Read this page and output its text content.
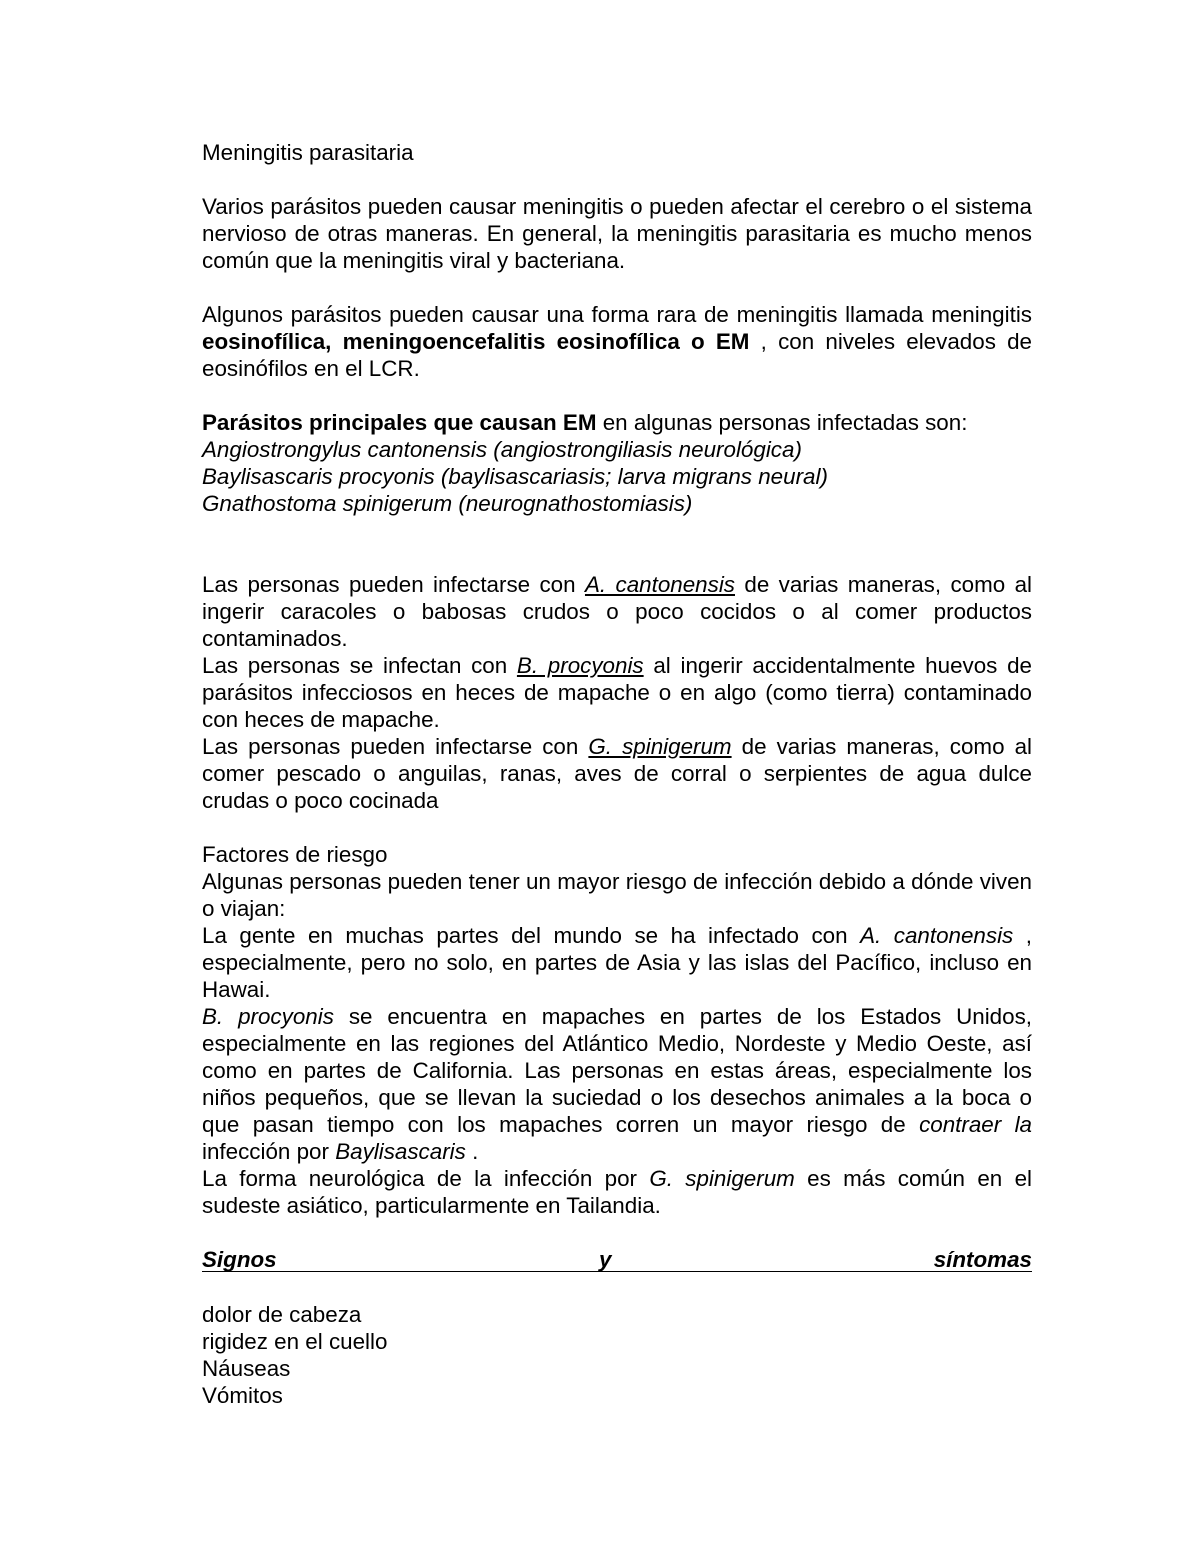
Meningitis parasitaria

Varios parásitos pueden causar meningitis o pueden afectar el cerebro o el sistema nervioso de otras maneras. En general, la meningitis parasitaria es mucho menos común que la meningitis viral y bacteriana.

Algunos parásitos pueden causar una forma rara de meningitis llamada meningitis eosinofílica, meningoencefalitis eosinofílica o EM , con niveles elevados de eosinófilos en el LCR.

Parásitos principales que causan EM en algunas personas infectadas son:

Angiostrongylus cantonensis (angiostrongiliasis neurológica)

Baylisascaris procyonis (baylisascariasis; larva migrans neural)

Gnathostoma spinigerum (neurognathostomiasis)

Las personas pueden infectarse con A. cantonensis de varias maneras, como al ingerir caracoles o babosas crudos o poco cocidos o al comer productos contaminados.

Las personas se infectan con B. procyonis al ingerir accidentalmente huevos de parásitos infecciosos en heces de mapache o en algo (como tierra) contaminado con heces de mapache.

Las personas pueden infectarse con G. spinigerum de varias maneras, como al comer pescado o anguilas, ranas, aves de corral o serpientes de agua dulce crudas o poco cocinada

Factores de riesgo

Algunas personas pueden tener un mayor riesgo de infección debido a dónde viven o viajan:

La gente en muchas partes del mundo se ha infectado con A. cantonensis , especialmente, pero no solo, en partes de Asia y las islas del Pacífico, incluso en Hawai.

B. procyonis se encuentra en mapaches en partes de los Estados Unidos, especialmente en las regiones del Atlántico Medio, Nordeste y Medio Oeste, así como en partes de California. Las personas en estas áreas, especialmente los niños pequeños, que se llevan la suciedad o los desechos animales a la boca o que pasan tiempo con los mapaches corren un mayor riesgo de contraer la infección por Baylisascaris .

La forma neurológica de la infección por G. spinigerum es más común en el sudeste asiático, particularmente en Tailandia.

Signos	y	síntomas

dolor de cabeza

rigidez en el cuello

Náuseas

Vómitos
